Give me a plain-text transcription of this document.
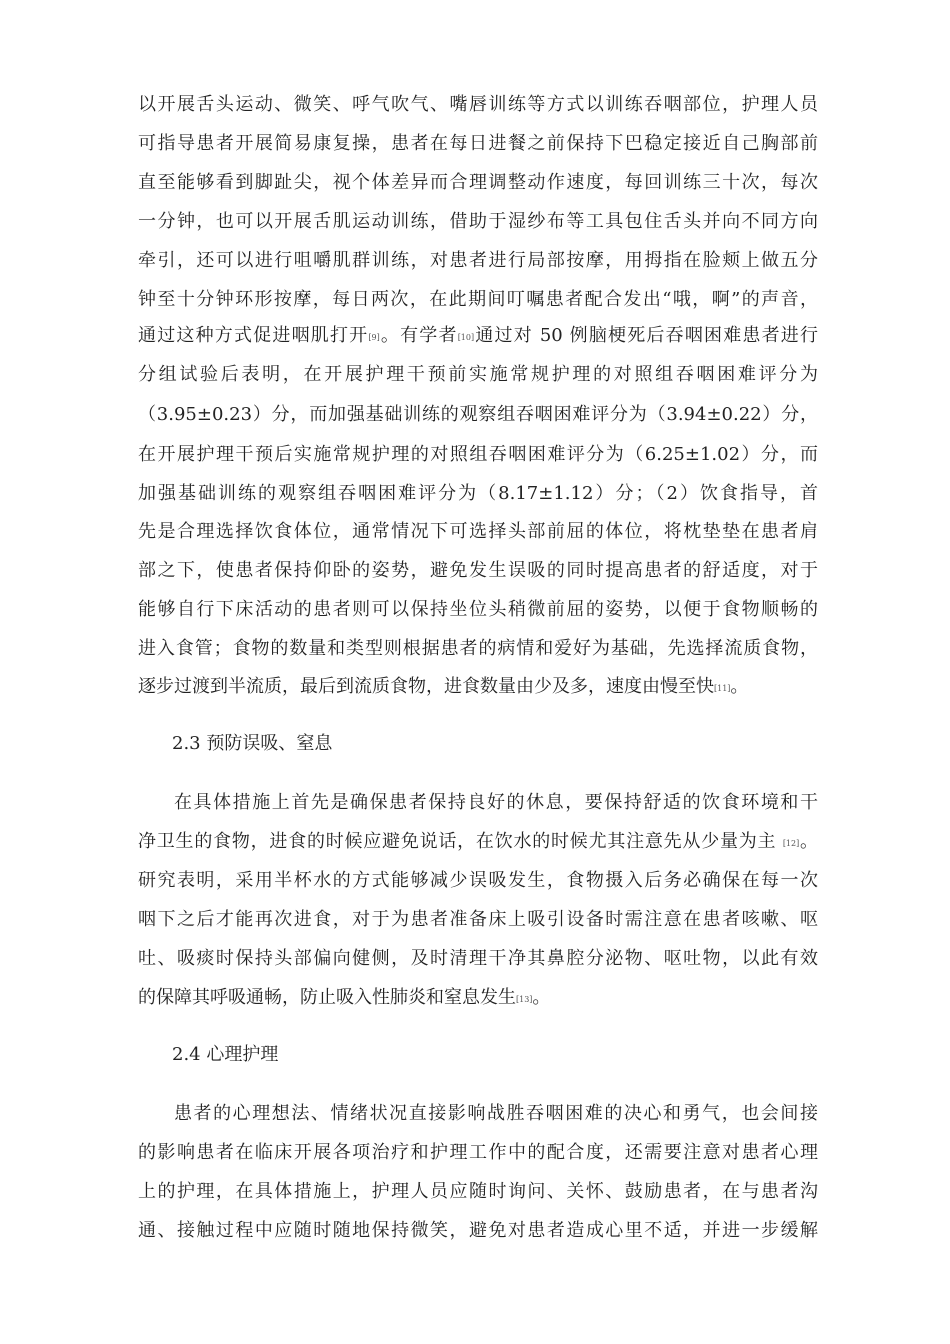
以开展舌头运动、微笑、呼气吹气、嘴唇训练等方式以训练吞咽部位，护理人员
可指导患者开展简易康复操，患者在每日进餐之前保持下巴稳定接近自己胸部前
直至能够看到脚趾尖，视个体差异而合理调整动作速度，每回训练三十次，每次
一分钟，也可以开展舌肌运动训练，借助于湿纱布等工具包住舌头并向不同方向
牵引，还可以进行咀嚼肌群训练，对患者进行局部按摩，用拇指在脸颊上做五分
钟至十分钟环形按摩，每日两次，在此期间叮嘱患者配合发出“哦，啊”的声音，
通过这种方式促进咽肌打开[9]。有学者[10]通过对 50 例脑梗死后吞咽困难患者进行
分组试验后表明，在开展护理干预前实施常规护理的对照组吞咽困难评分为
（3.95±0.23）分，而加强基础训练的观察组吞咽困难评分为（3.94±0.22）分，
在开展护理干预后实施常规护理的对照组吞咽困难评分为（6.25±1.02）分，而
加强基础训练的观察组吞咽困难评分为（8.17±1.12）分；（2）饮食指导，首
先是合理选择饮食体位，通常情况下可选择头部前屈的体位，将枕垫垫在患者肩
部之下，使患者保持仰卧的姿势，避免发生误吸的同时提高患者的舒适度，对于
能够自行下床活动的患者则可以保持坐位头稍微前屈的姿势，以便于食物顺畅的
进入食管；食物的数量和类型则根据患者的病情和爱好为基础，先选择流质食物，
逐步过渡到半流质，最后到流质食物，进食数量由少及多，速度由慢至快[11]。
2.3 预防误吸、窒息
在具体措施上首先是确保患者保持良好的休息，要保持舒适的饮食环境和干
净卫生的食物，进食的时候应避免说话，在饮水的时候尤其注意先从少量为主 [12]。
研究表明，采用半杯水的方式能够减少误吸发生，食物摄入后务必确保在每一次
咽下之后才能再次进食，对于为患者准备床上吸引设备时需注意在患者咳嗽、呕
吐、吸痰时保持头部偏向健侧，及时清理干净其鼻腔分泌物、呕吐物，以此有效
的保障其呼吸通畅，防止吸入性肺炎和窒息发生[13]。
2.4 心理护理
患者的心理想法、情绪状况直接影响战胜吞咽困难的决心和勇气，也会间接
的影响患者在临床开展各项治疗和护理工作中的配合度，还需要注意对患者心理
上的护理，在具体措施上，护理人员应随时询问、关怀、鼓励患者，在与患者沟
通、接触过程中应随时随地保持微笑，避免对患者造成心里不适，并进一步缓解
